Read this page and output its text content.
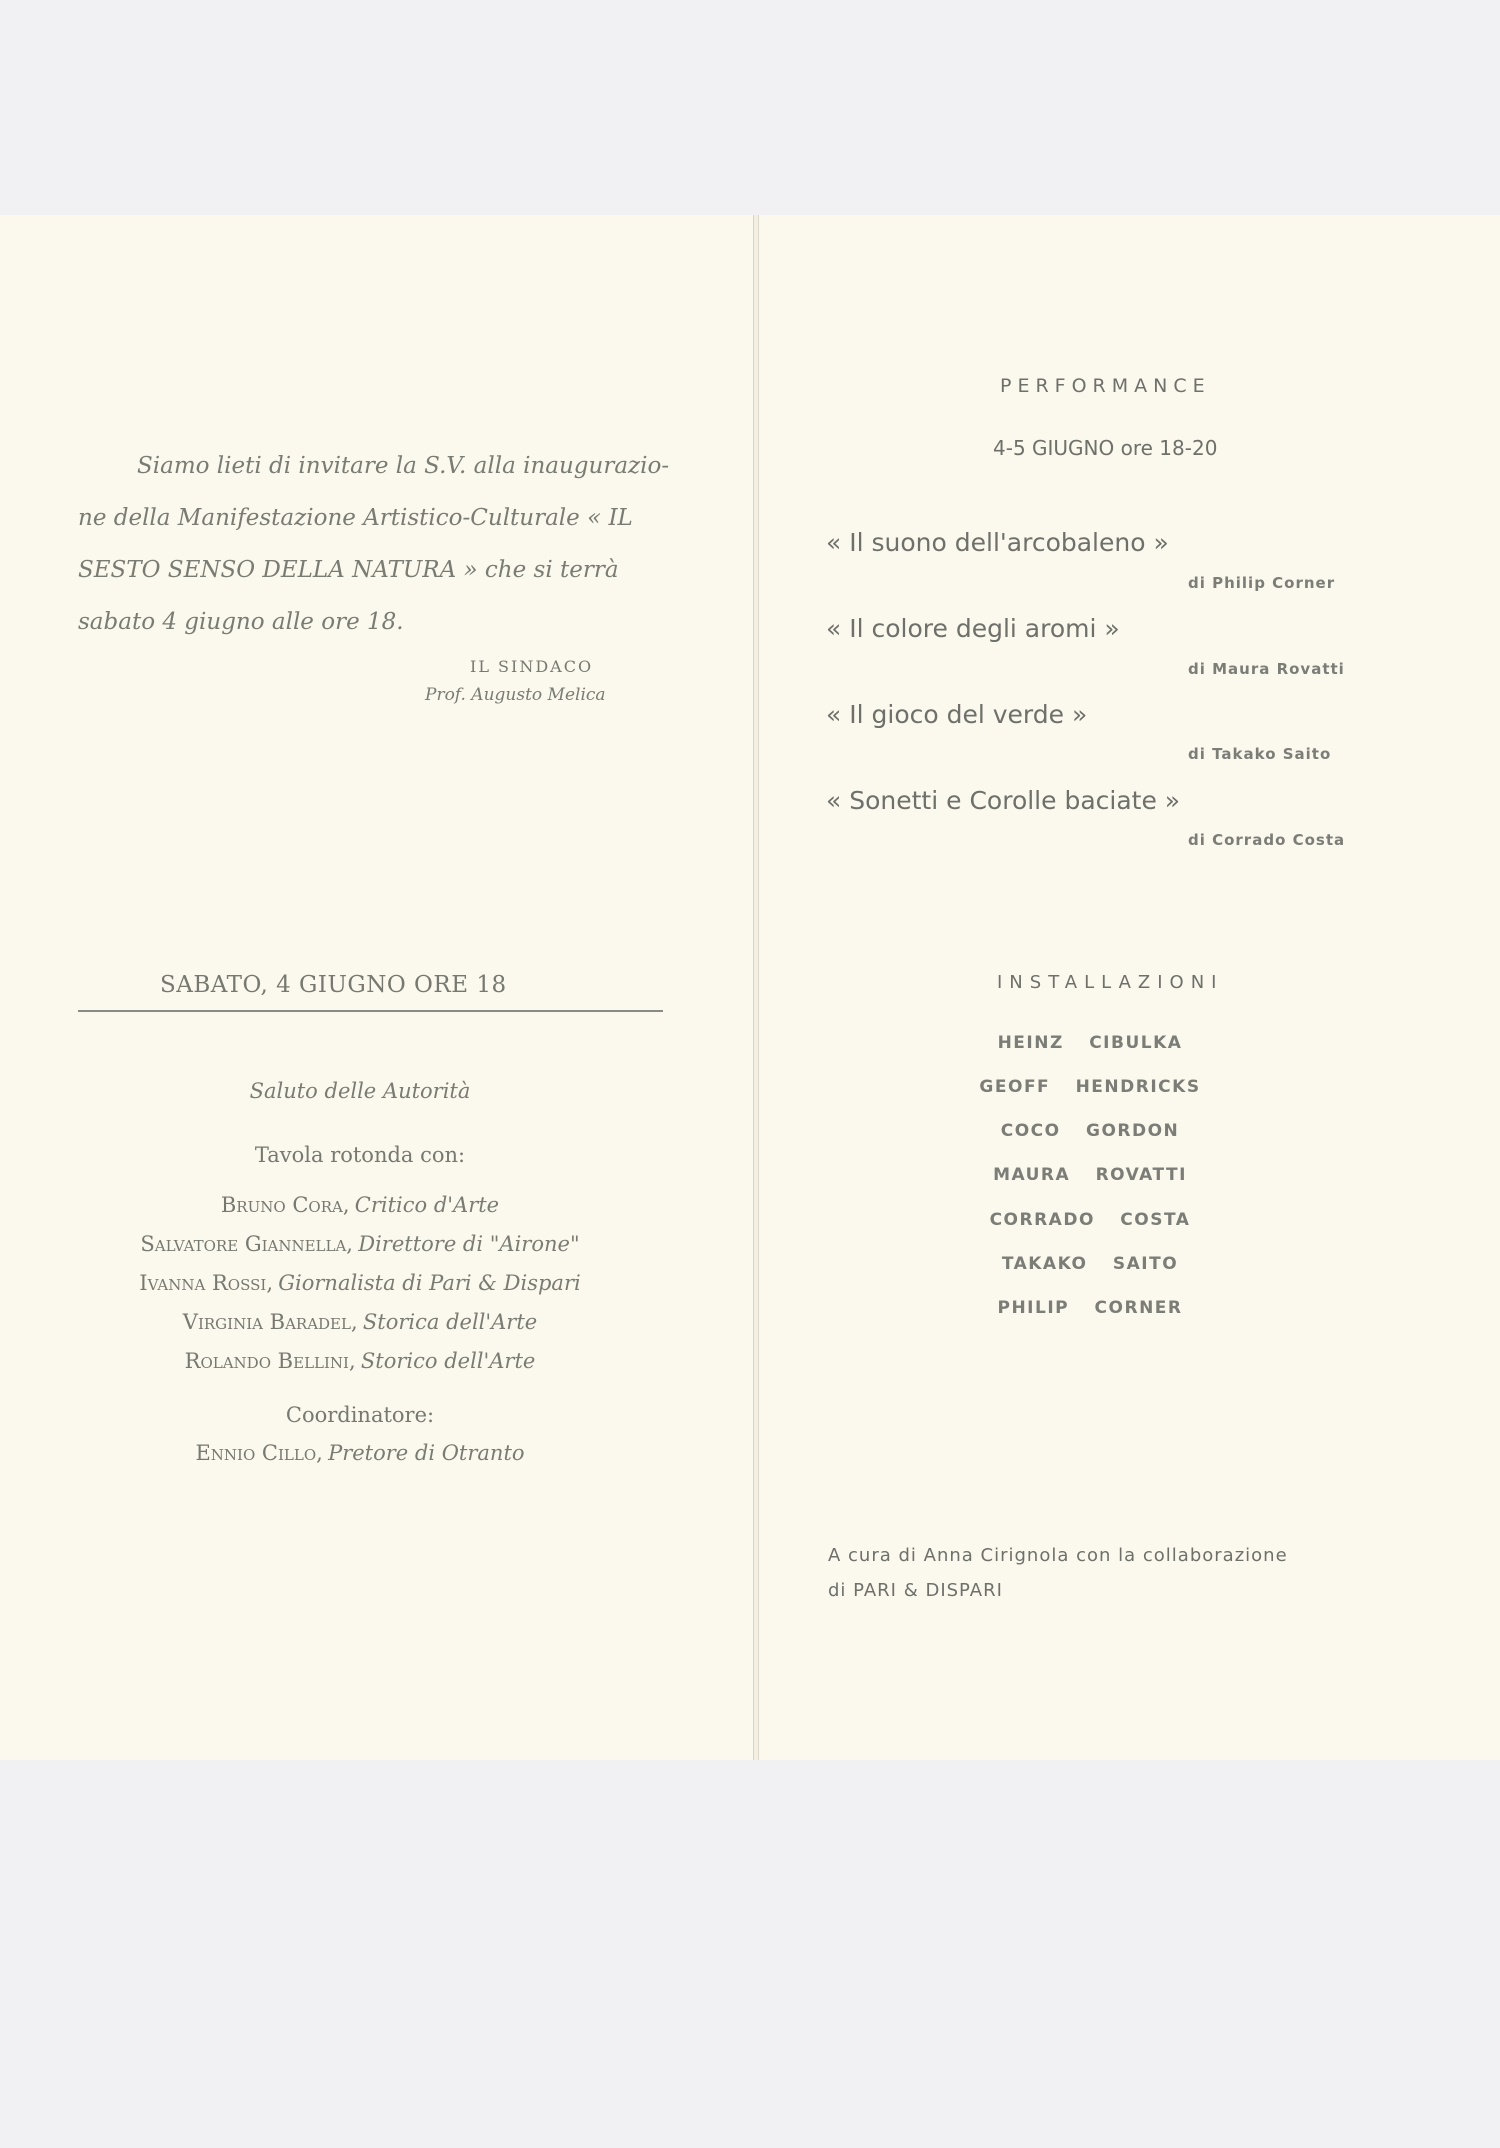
Siamo lieti di invitare la S.V. alla inaugurazio-
ne della Manifestazione Artistico-Culturale « IL
SESTO SENSO DELLA NATURA » che si terrà
sabato 4 giugno alle ore 18.
IL SINDACO
Prof. Augusto Melica
SABATO, 4 GIUGNO ORE 18
Saluto delle Autorità
Tavola rotonda con:
Bruno Cora, Critico d'Arte
Salvatore Giannella, Direttore di "Airone"
Ivanna Rossi, Giornalista di Pari & Dispari
Virginia Baradel, Storica dell'Arte
Rolando Bellini, Storico dell'Arte
Coordinatore:
Ennio Cillo, Pretore di Otranto
PERFORMANCE
4-5 GIUGNO ore 18-20
« Il suono dell'arcobaleno »
di Philip Corner
« Il colore degli aromi »
di Maura Rovatti
« Il gioco del verde »
di Takako Saito
« Sonetti e Corolle baciate »
di Corrado Costa
INSTALLAZIONI
HEINZ CIBULKA
GEOFF HENDRICKS
COCO GORDON
MAURA ROVATTI
CORRADO COSTA
TAKAKO SAITO
PHILIP CORNER
A cura di Anna Cirignola con la collaborazione
di PARI & DISPARI
